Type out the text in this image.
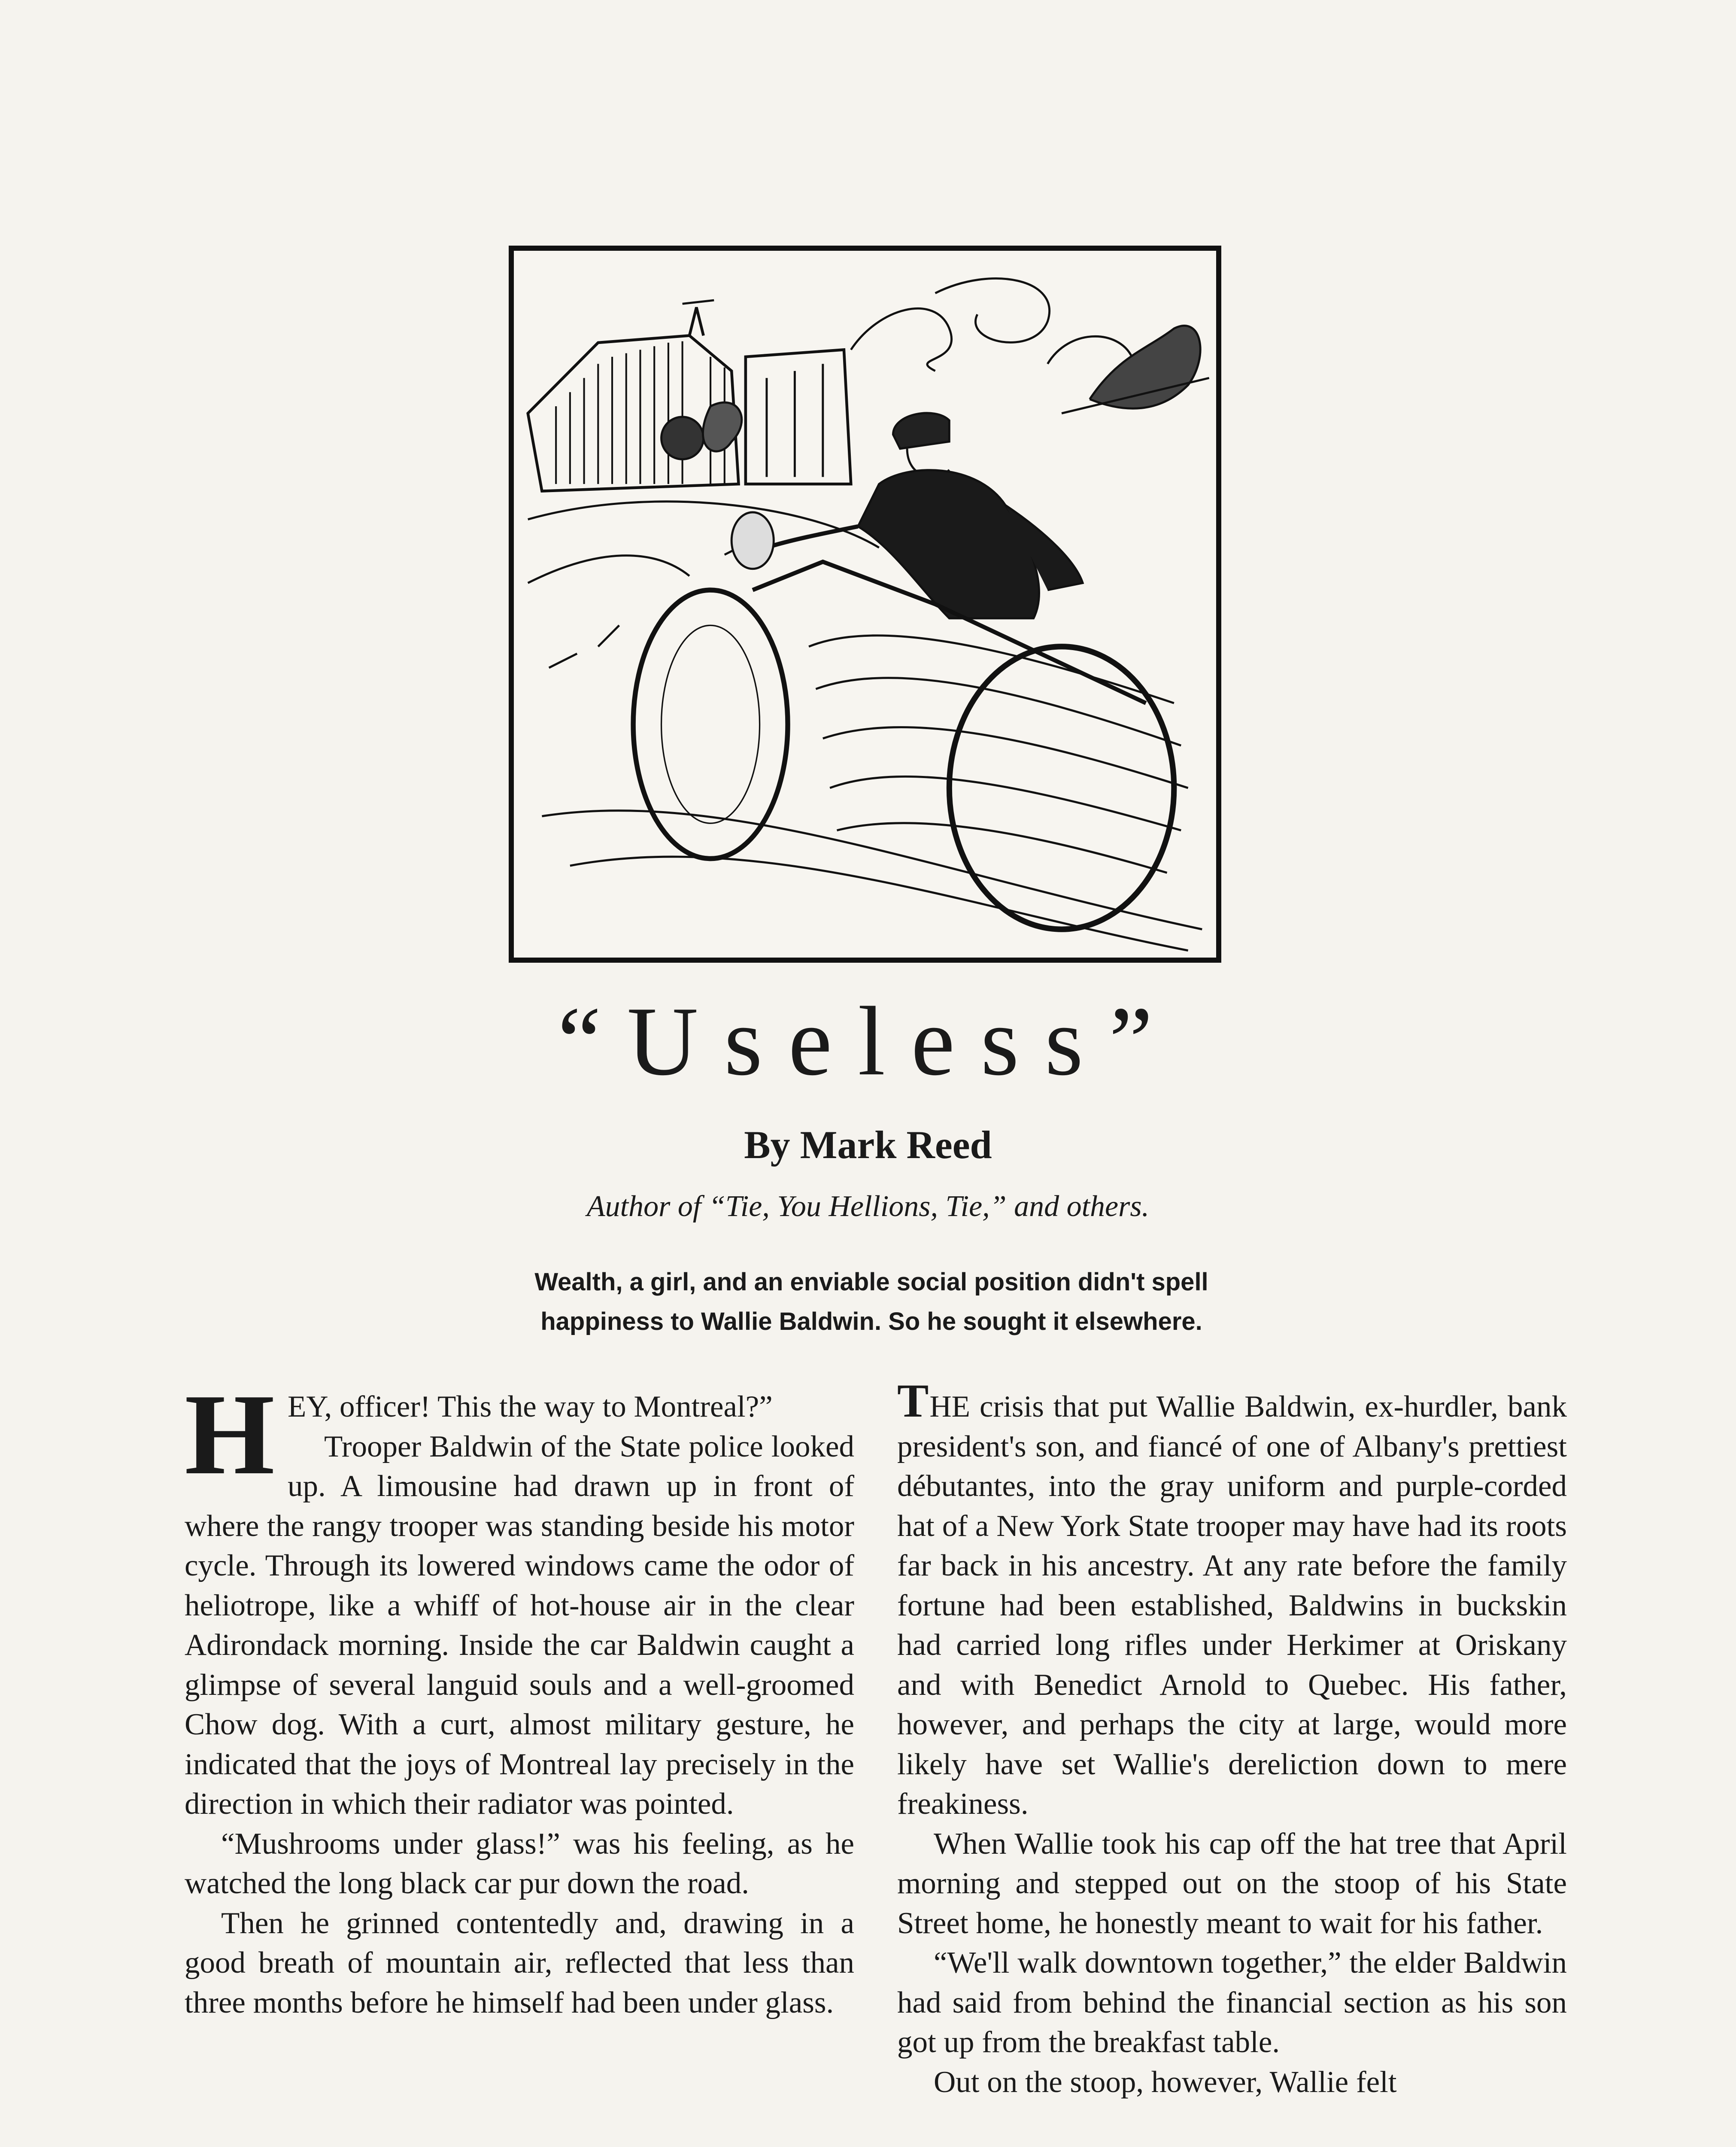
“Useless”
By Mark Reed
Author of “Tie, You Hellions, Tie,” and others.
Wealth, a girl, and an enviable social position didn't spell
happiness to Wallie Baldwin. So he sought it elsewhere.

HEY, officer! This the way to Montreal?”

Trooper Baldwin of the State police looked up. A limousine had drawn up in front of where the rangy trooper was standing beside his motor cycle. Through its lowered windows came the odor of heliotrope, like a whiff of hot-house air in the clear Adirondack morning. Inside the car Baldwin caught a glimpse of several languid souls and a well-groomed Chow dog. With a curt, almost military gesture, he indicated that the joys of Montreal lay precisely in the direction in which their radiator was pointed.

“Mushrooms under glass!” was his feeling, as he watched the long black car pur down the road.

Then he grinned contentedly and, drawing in a good breath of mountain air, reflected that less than three months before he himself had been under glass.

THE crisis that put Wallie Baldwin, ex-hurdler, bank president's son, and fiancé of one of Albany's prettiest débutantes, into the gray uniform and purple-corded hat of a New York State trooper may have had its roots far back in his ancestry. At any rate before the family fortune had been established, Baldwins in buckskin had carried long rifles under Herkimer at Oriskany and with Benedict Arnold to Quebec. His father, however, and perhaps the city at large, would more likely have set Wallie's dereliction down to mere freakiness.

When Wallie took his cap off the hat tree that April morning and stepped out on the stoop of his State Street home, he honestly meant to wait for his father.

“We'll walk downtown together,” the elder Baldwin had said from behind the financial section as his son got up from the breakfast table.

Out on the stoop, however, Wallie felt
